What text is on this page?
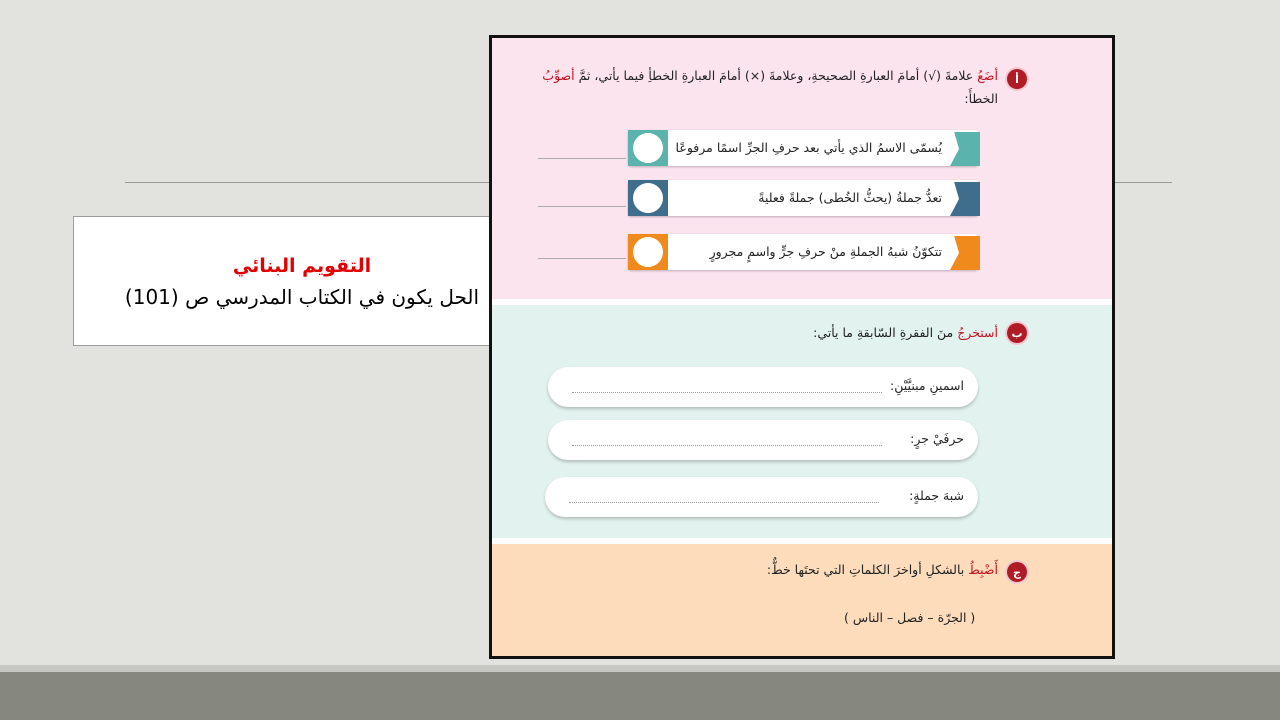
التقويم البنائي
الحل يكون في الكتاب المدرسي ص (101)
أ
أضَعُ علامةَ (√) أمامَ العبارةِ الصحيحةِ، وعلامةَ (×) أمامَ العبارةِ الخطأِ فيما يأتي، ثمَّ أصوِّبُ الخطأَ:
يُسمّى الاسمُ الذي يأتي بعد حرفِ الجرِّ اسمًا مرفوعًا
تعدُّ جملةُ (يحثُّ الخُطى) جملةً فعليةً
تتكوّنُ شبهُ الجملةِ منْ حرفِ جرٍّ واسمٍ مجرورٍ
ب
أستخرجُ منَ الفقرةِ السّابقةِ ما يأتي:
اسمينِ مبنيَّيْنِ:
حرفَيْ جرٍ:
شبهَ جملةٍ:
ج
أَضْبِطُ بالشكلِ أواخرَ الكلماتِ التي تحتَها خطٌّ:
( الجرّة – فصل – الناس )
